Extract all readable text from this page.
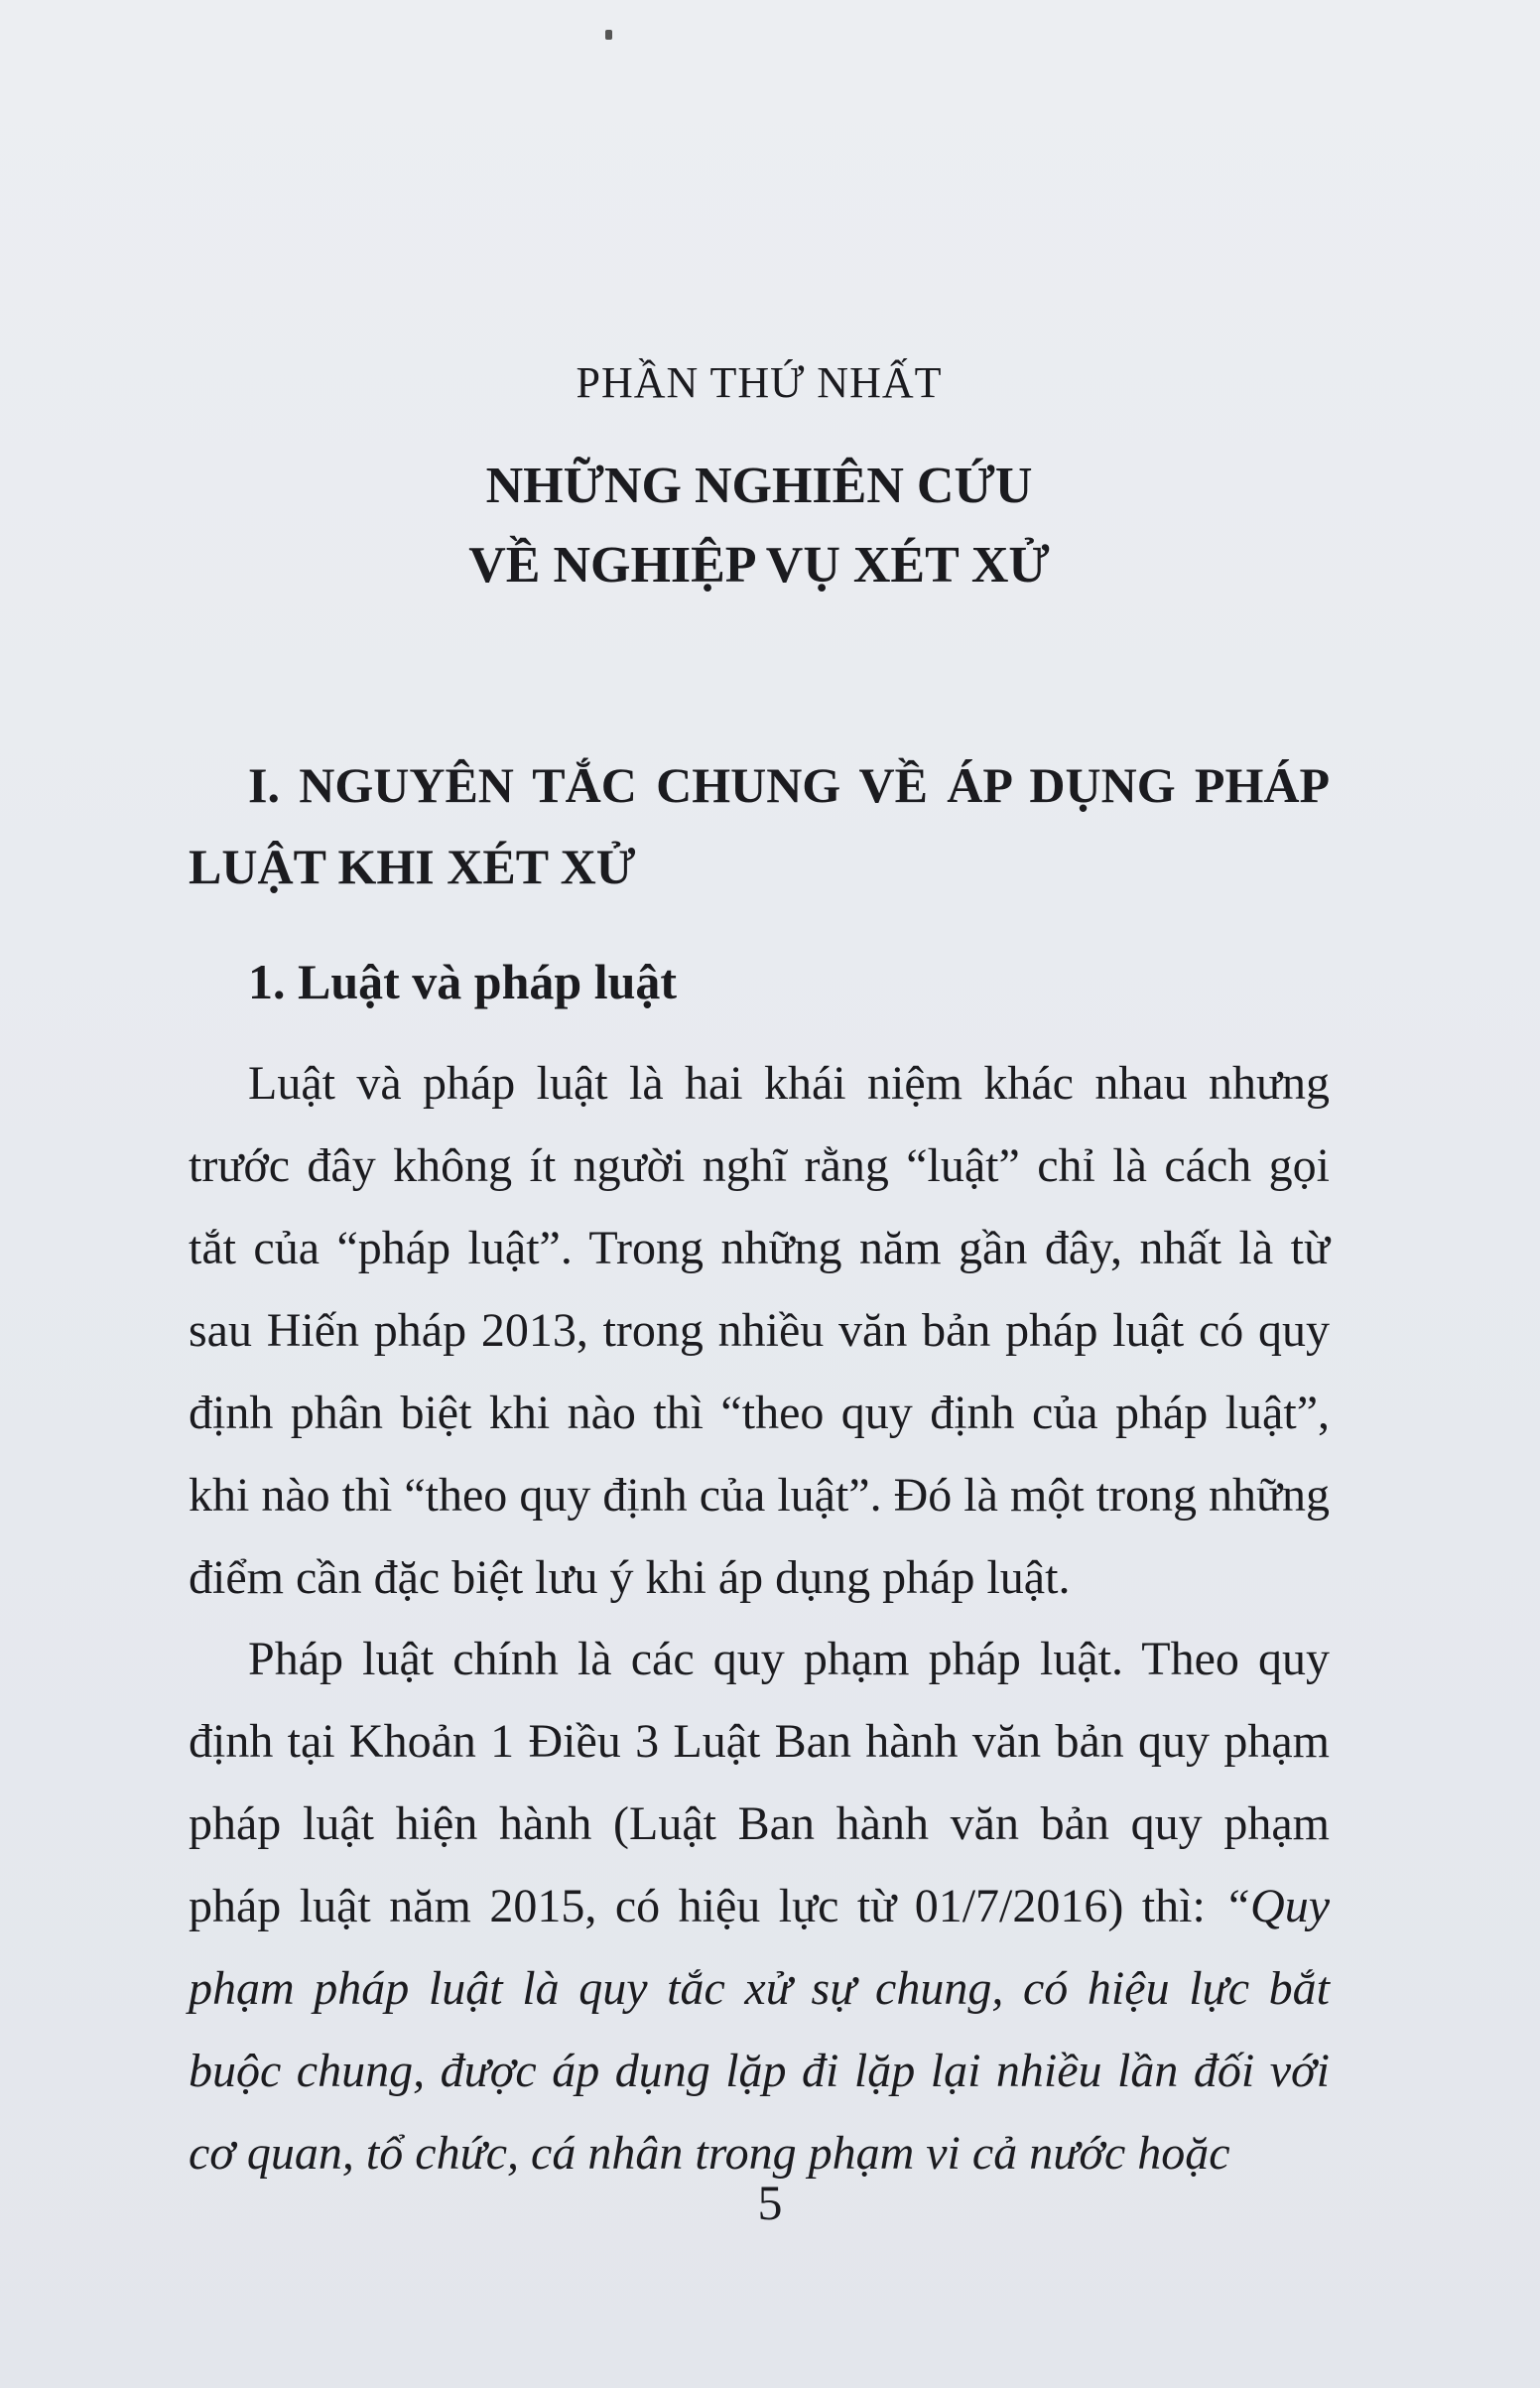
PHẦN THỨ NHẤT
NHỮNG NGHIÊN CỨU
VỀ NGHIỆP VỤ XÉT XỬ
I. NGUYÊN TẮC CHUNG VỀ ÁP DỤNG PHÁP LUẬT KHI XÉT XỬ
1. Luật và pháp luật

Luật và pháp luật là hai khái niệm khác nhau nhưng trước đây không ít người nghĩ rằng “luật” chỉ là cách gọi tắt của “pháp luật”. Trong những năm gần đây, nhất là từ sau Hiến pháp 2013, trong nhiều văn bản pháp luật có quy định phân biệt khi nào thì “theo quy định của pháp luật”, khi nào thì “theo quy định của luật”. Đó là một trong những điểm cần đặc biệt lưu ý khi áp dụng pháp luật.

Pháp luật chính là các quy phạm pháp luật. Theo quy định tại Khoản 1 Điều 3 Luật Ban hành văn bản quy phạm pháp luật hiện hành (Luật Ban hành văn bản quy phạm pháp luật năm 2015, có hiệu lực từ 01/7/2016) thì: “Quy phạm pháp luật là quy tắc xử sự chung, có hiệu lực bắt buộc chung, được áp dụng lặp đi lặp lại nhiều lần đối với cơ quan, tổ chức, cá nhân trong phạm vi cả nước hoặc

5
